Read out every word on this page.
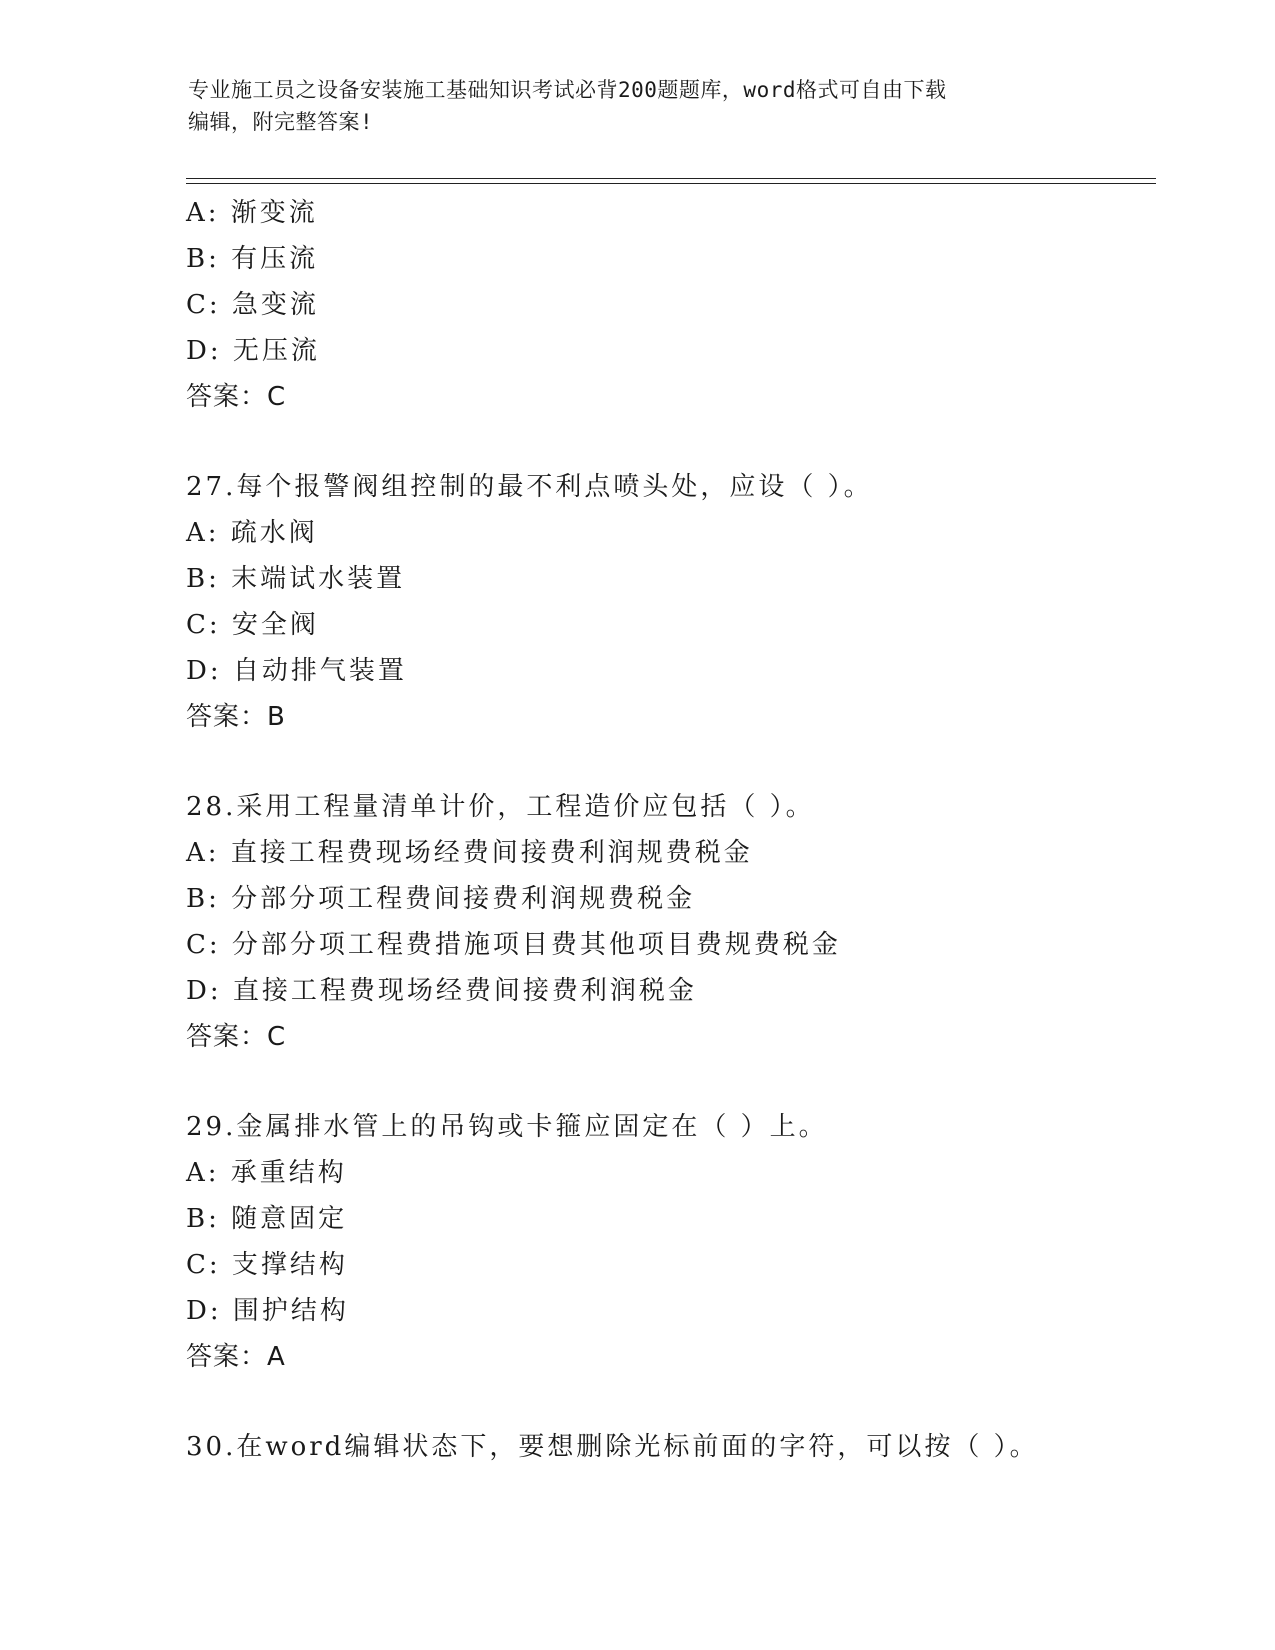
专业施工员之设备安装施工基础知识考试必背200题题库，word格式可自由下载
编辑，附完整答案!
A: 渐变流
B: 有压流
C: 急变流
D: 无压流
答案：C
27.每个报警阀组控制的最不利点喷头处，应设（ ）。
A: 疏水阀
B: 末端试水装置
C: 安全阀
D: 自动排气装置
答案：B
28.采用工程量清单计价，工程造价应包括（ ）。
A: 直接工程费现场经费间接费利润规费税金
B: 分部分项工程费间接费利润规费税金
C: 分部分项工程费措施项目费其他项目费规费税金
D: 直接工程费现场经费间接费利润税金
答案：C
29.金属排水管上的吊钩或卡箍应固定在（ ）上。
A: 承重结构
B: 随意固定
C: 支撑结构
D: 围护结构
答案：A
30.在word编辑状态下，要想删除光标前面的字符，可以按（ ）。
